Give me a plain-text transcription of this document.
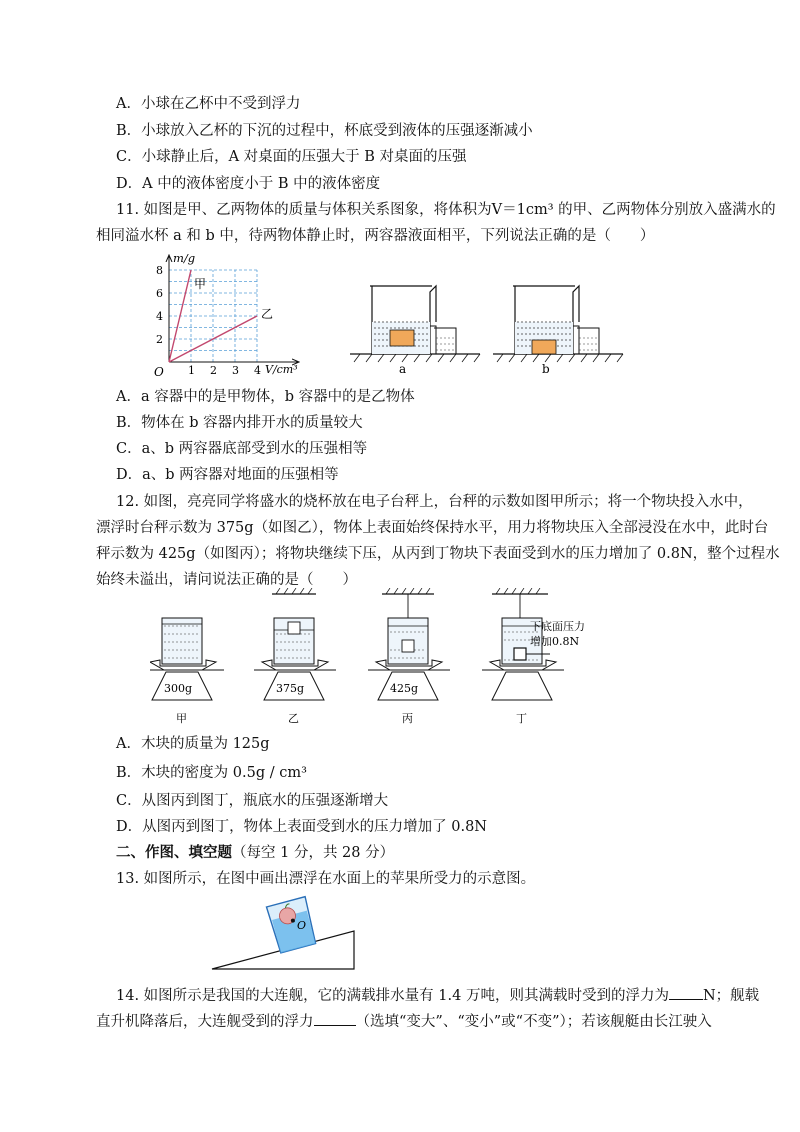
A．小球在乙杯中不受到浮力
B．小球放入乙杯的下沉的过程中，杯底受到液体的压强逐渐减小
C．小球静止后，A 对桌面的压强大于 B 对桌面的压强
D．A 中的液体密度小于 B 中的液体密度
11. 如图是甲、乙两物体的质量与体积关系图象，将体积为V＝1cm³ 的甲、乙两物体分别放入盛满水的
相同溢水杯 a 和 b 中，待两物体静止时，两容器液面相平，下列说法正确的是（　　）
2
4
6
8
1 2 3 4
O
m/g
V/cm³
甲
乙
a	b
A．a 容器中的是甲物体，b 容器中的是乙物体
B．物体在 b 容器内排开水的质量较大
C．a、b 两容器底部受到水的压强相等
D．a、b 两容器对地面的压强相等
12. 如图，亮亮同学将盛水的烧杯放在电子台秤上，台秤的示数如图甲所示；将一个物块投入水中，
漂浮时台秤示数为 375g（如图乙），物体上表面始终保持水平，用力将物块压入全部浸没在水中，此时台
秤示数为 425g（如图丙）；将物块继续下压，从丙到丁物块下表面受到水的压力增加了 0.8N，整个过程水
始终未溢出，请问说法正确的是（　　）
300g
甲
375g
乙
425g
丙	丁
下底面压力
增加0.8N
A．木块的质量为 125g
B．木块的密度为 0.5g / cm³
C．从图丙到图丁，瓶底水的压强逐渐增大
D．从图丙到图丁，物体上表面受到水的压力增加了 0.8N
二、作图、填空题（每空 1 分，共 28 分）
13. 如图所示，在图中画出漂浮在水面上的苹果所受力的示意图。
O
14. 如图所示是我国的大连舰，它的满载排水量有 1.4 万吨，则其满载时受到的浮力为 N；舰载
直升机降落后，大连舰受到的浮力	（选填“变大”、“变小”或“不变”）；若该舰艇由长江驶入
